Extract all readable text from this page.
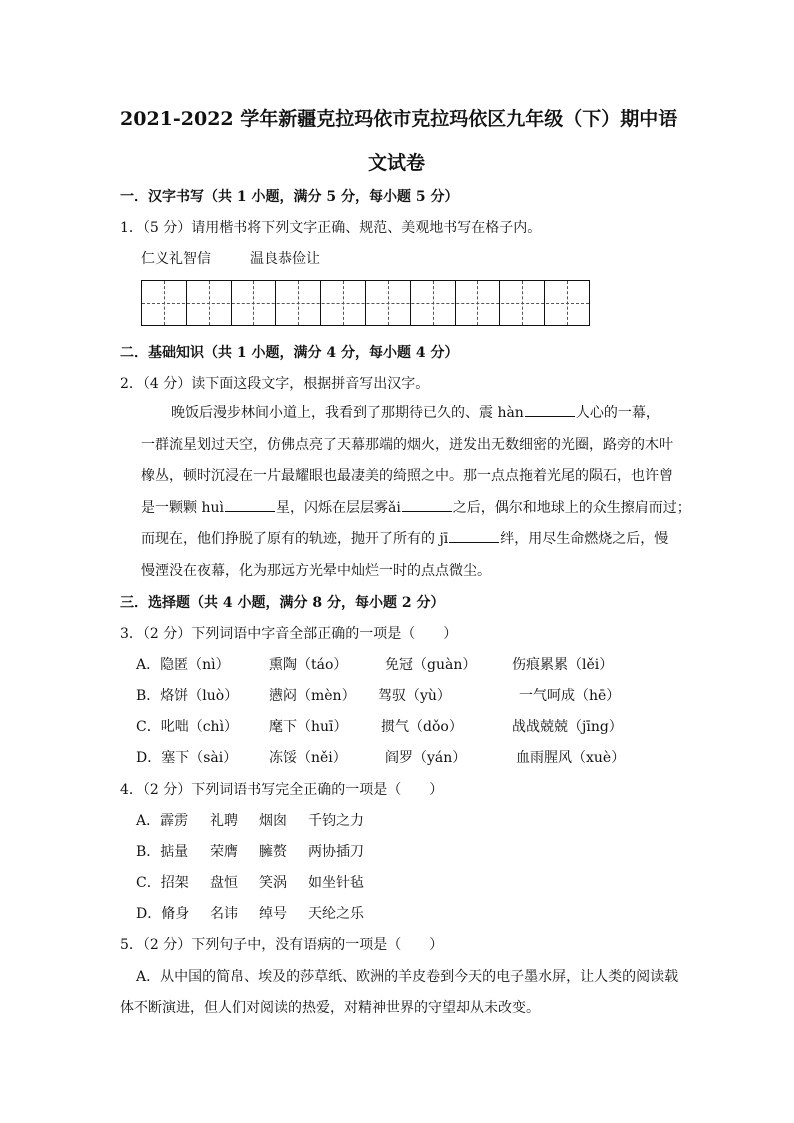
2021-2022 学年新疆克拉玛依市克拉玛依区九年级（下）期中语
文试卷
一．汉字书写（共 1 小题，满分 5 分，每小题 5 分）
1．（5 分）请用楷书将下列文字正确、规范、美观地书写在格子内。
仁义礼智信	温良恭俭让
二．基础知识（共 1 小题，满分 4 分，每小题 4 分）
2．（4 分）读下面这段文字，根据拼音写出汉字。
晚饭后漫步林间小道上，我看到了那期待已久的、震 hàn	人心的一幕，
一群流星划过天空，仿佛点亮了天幕那端的烟火，迸发出无数细密的光圈，路旁的木叶
橡丛，顿时沉浸在一片最耀眼也最凄美的绮照之中。那一点点拖着光尾的陨石，也许曾
是一颗颗 huì	星，闪烁在层层雾ǎi	之后，偶尔和地球上的众生擦肩而过；
而现在，他们挣脱了原有的轨迹，抛开了所有的 jī	绊，用尽生命燃烧之后，慢
慢湮没在夜幕，化为那远方光晕中灿烂一时的点点微尘。
三．选择题（共 4 小题，满分 8 分，每小题 2 分）
3．（2 分）下列词语中字音全部正确的一项是（　　）
A．隐匿（nì）	熏陶（táo）	免冠（guàn）	伤痕累累（lěi）
B．烙饼（luò） 懑闷（mèn） 驾驭（yù）	一气呵成（hē）
C．叱咄（chì） 麾下（huī） 掼气（dǒo）	战战兢兢（jīng）
D．塞下（sài） 冻馁（něi）	阎罗（yán）	血雨腥风（xuè）
4．（2 分）下列词语书写完全正确的一项是（　　）
A．霹雳 礼聘 烟囱 千钧之力
B．掂量 荣膺 臃赘 两协插刀
C．招架 盘恒 笑涡 如坐针毡
D．脩身 名讳 绰号 天纶之乐
5．（2 分）下列句子中，没有语病的一项是（　　）
A．从中国的简帛、埃及的莎草纸、欧洲的羊皮卷到今天的电子墨水屏，让人类的阅读载
体不断演进，但人们对阅读的热爱，对精神世界的守望却从未改变。
